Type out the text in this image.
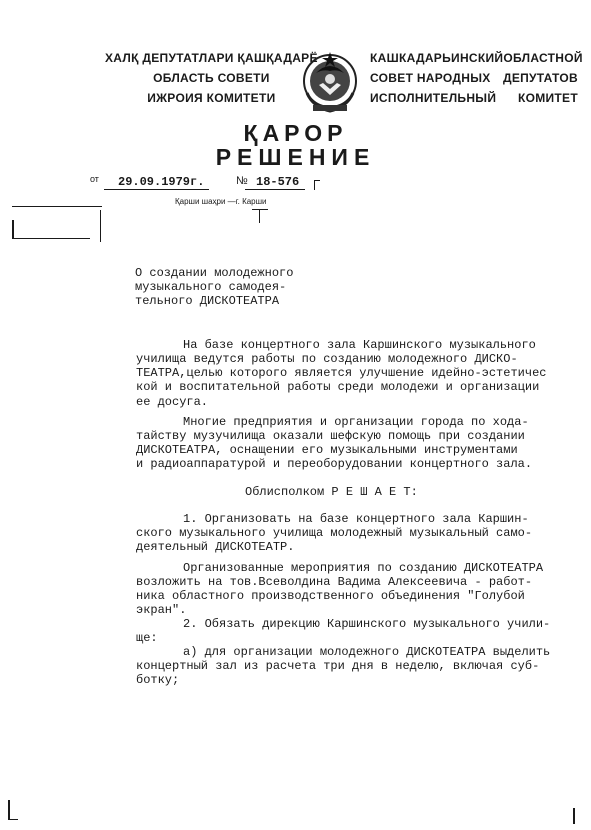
ХАЛҚ ДЕПУТАТЛАРИ ҚАШҚАДАРЁ
ОБЛАСТЬ СОВЕТИ
ИЖРОИЯ КОМИТЕТИ
КАШКАДАРЬИНСКИЙ ОБЛАСТНОЙ
СОВЕТ НАРОДНЫХ ДЕПУТАТОВ
ИСПОЛНИТЕЛЬНЫЙ КОМИТЕТ
ҚАРОР
РЕШЕНИЕ
от 29.09.1979г.	№ 18-576
Қарши шаҳри —г. Карши
О создании молодежного
музыкального самодея-
тельного ДИСКОТЕАТРА
На базе концертного зала Каршинского музыкального
училища ведутся работы по созданию молодежного ДИСКО-
ТЕАТРА,целью которого является улучшение идейно-эстетичес
кой и воспитательной работы среди молодежи и организации
ее досуга.
Многие предприятия и организации города по хода-
тайству музучилища оказали шефскую помощь при создании
ДИСКОТЕАТРА, оснащении его музыкальными инструментами
и радиоаппаратурой и переоборудовании концертного зала.
Облисполком Р Е Ш А Е Т:
1. Организовать на базе концертного зала Каршин-
ского музыкального училища молодежный музыкальный само-
деятельный ДИСКОТЕАТР.
Организованные мероприятия по созданию ДИСКОТЕАТРА
возложить на тов.Всеволдина Вадима Алексеевича - работ-
ника областного производственного объединения "Голубой
экран".
2. Обязать дирекцию Каршинского музыкального учили-
ще:
а) для организации молодежного ДИСКОТЕАТРА выделить
концертный зал из расчета три дня в неделю, включая суб-
ботку;
